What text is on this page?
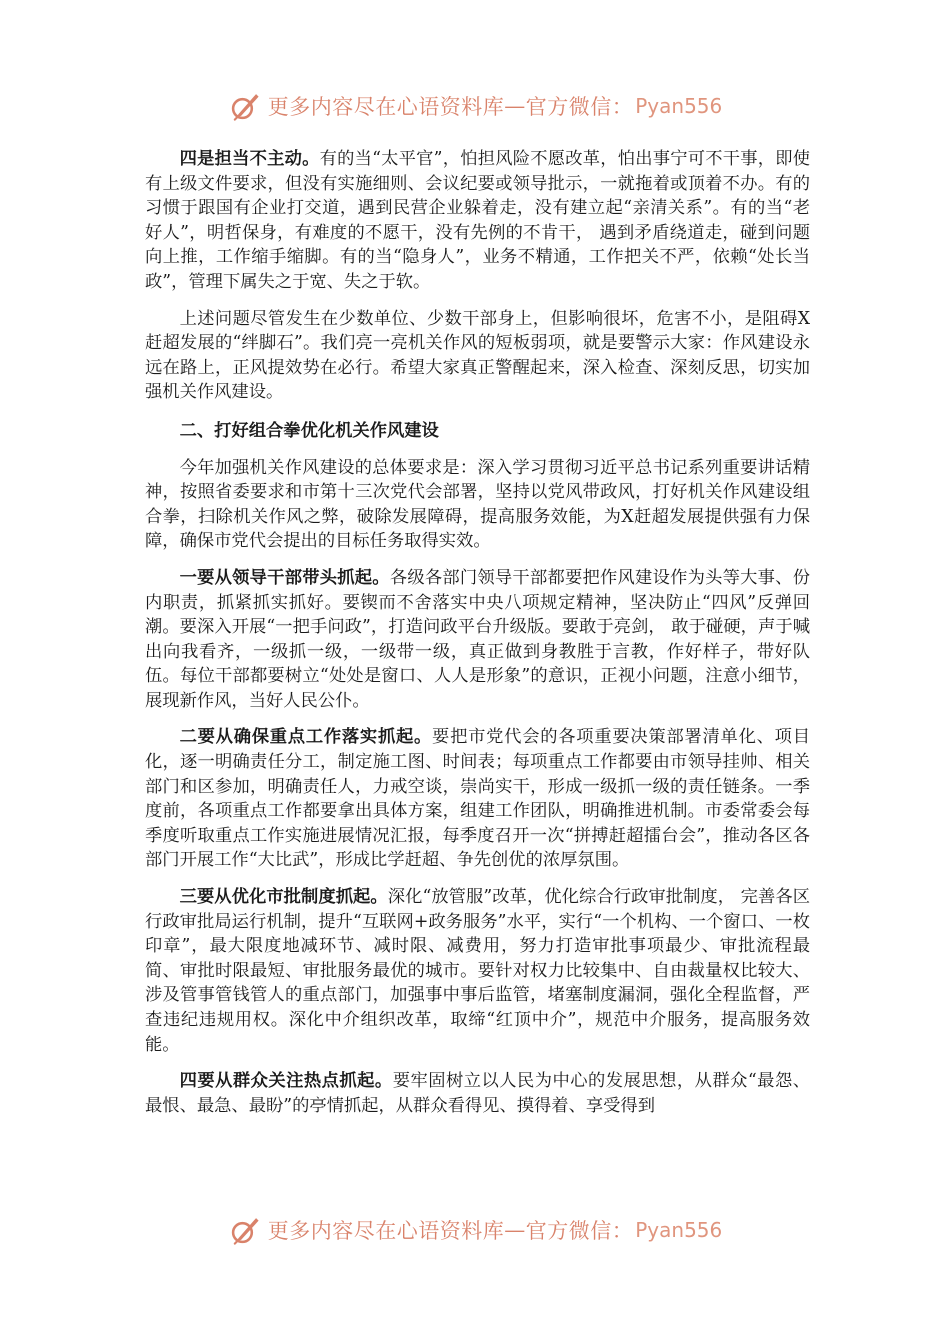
更多内容尽在心语资料库 — 官方微信： Pyan556

四是担当不主动。有的当“太平官”，怕担风险不愿改革，怕出事宁可不干事，即使有上级文件要求，但没有实施细则、会议纪要或领导批示，一就拖着或顶着不办。有的习惯于跟国有企业打交道，遇到民营企业躲着走，没有建立起“亲清关系”。有的当“老好人”，明哲保身，有难度的不愿干，没有先例的不肯干， 遇到矛盾绕道走，碰到问题向上推，工作缩手缩脚。有的当“隐身人”，业务不精通，工作把关不严，依赖“处长当政”，管理下属失之于宽、失之于软。

上述问题尽管发生在少数单位、少数干部身上，但影响很坏，危害不小，是阻碍X赶超发展的“绊脚石”。我们亮一亮机关作风的短板弱项，就是要警示大家：作风建设永远在路上，正风提效势在必行。希望大家真正警醒起来，深入检查、深刻反思，切实加强机关作风建设。

二、打好组合拳优化机关作风建设

今年加强机关作风建设的总体要求是：深入学习贯彻习近平总书记系列重要讲话精神，按照省委要求和市第十三次党代会部署，坚持以党风带政风，打好机关作风建设组合拳，扫除机关作风之弊，破除发展障碍，提高服务效能，为X赶超发展提供强有力保障，确保市党代会提出的目标任务取得实效。

一要从领导干部带头抓起。各级各部门领导干部都要把作风建设作为头等大事、份内职责，抓紧抓实抓好。要锲而不舍落实中央八项规定精神，坚决防止“四风”反弹回潮。要深入开展“一把手问政”，打造问政平台升级版。要敢于亮剑， 敢于碰硬，声于喊出向我看齐，一级抓一级，一级带一级，真正做到身教胜于言教，作好样子，带好队伍。每位干部都要树立“处处是窗口、人人是形象”的意识，正视小问题，注意小细节，展现新作风，当好人民公仆。

二要从确保重点工作落实抓起。要把市党代会的各项重要决策部署清单化、项目化，逐一明确责任分工，制定施工图、时间表；每项重点工作都要由市领导挂帅、相关部门和区参加，明确责任人，力戒空谈，崇尚实干，形成一级抓一级的责任链条。一季度前，各项重点工作都要拿出具体方案，组建工作团队，明确推进机制。市委常委会每季度听取重点工作实施进展情况汇报，每季度召开一次“拼搏赶超擂台会”，推动各区各部门开展工作“大比武”，形成比学赶超、争先创优的浓厚氛围。

三要从优化市批制度抓起。深化“放管服”改革，优化综合行政审批制度， 完善各区行政审批局运行机制，提升“互联网+政务服务”水平，实行“一个机构、一个窗口、一枚印章”，最大限度地减环节、减时限、减费用，努力打造审批事项最少、审批流程最简、审批时限最短、审批服务最优的城市。要针对权力比较集中、自由裁量权比较大、涉及管事管钱管人的重点部门，加强事中事后监管，堵塞制度漏洞，强化全程监督，严查违纪违规用权。深化中介组织改革，取缔“红顶中介”，规范中介服务，提高服务效能。

四要从群众关注热点抓起。要牢固树立以人民为中心的发展思想，从群众“最怨、最恨、最急、最盼”的亭情抓起，从群众看得见、摸得着、享受得到

更多内容尽在心语资料库 — 官方微信： Pyan556
